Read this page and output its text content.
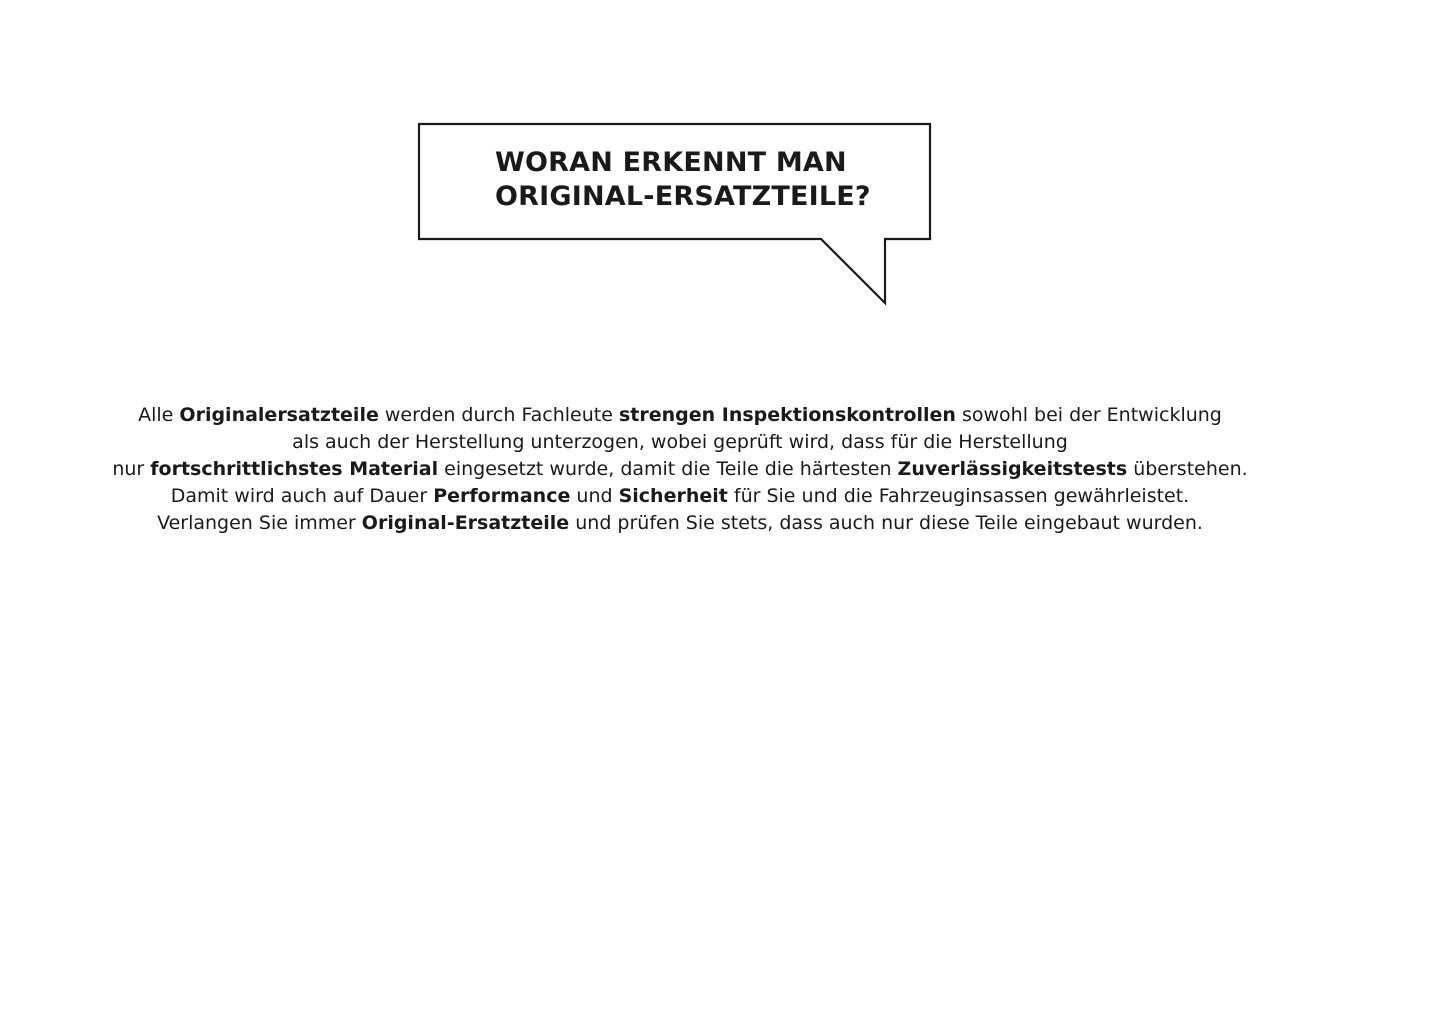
WORAN ERKENNT MAN
ORIGINAL-ERSATZTEILE?
Alle Originalersatzteile werden durch Fachleute strengen Inspektionskontrollen sowohl bei der Entwicklung
als auch der Herstellung unterzogen, wobei geprüft wird, dass für die Herstellung
nur fortschrittlichstes Material eingesetzt wurde, damit die Teile die härtesten Zuverlässigkeitstests überstehen.
Damit wird auch auf Dauer Performance und Sicherheit für Sie und die Fahrzeuginsassen gewährleistet.
Verlangen Sie immer Original-Ersatzteile und prüfen Sie stets, dass auch nur diese Teile eingebaut wurden.
